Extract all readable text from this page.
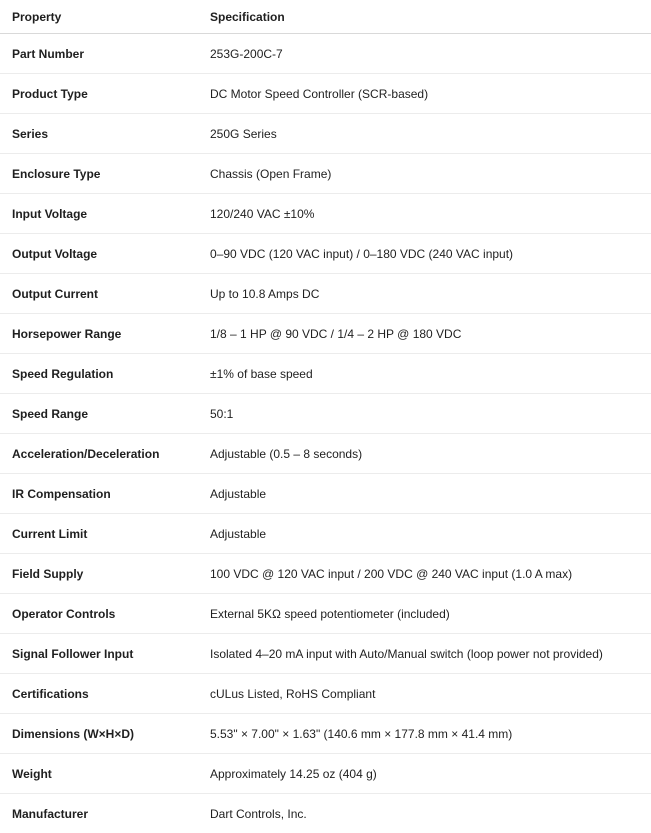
Property	Specification
Part Number	253G-200C-7
Product Type	DC Motor Speed Controller (SCR-based)
Series	250G Series
Enclosure Type	Chassis (Open Frame)
Input Voltage	120/240 VAC ±10%
Output Voltage	0–90 VDC (120 VAC input) / 0–180 VDC (240 VAC input)
Output Current	Up to 10.8 Amps DC
Horsepower Range	1/8 – 1 HP @ 90 VDC / 1/4 – 2 HP @ 180 VDC
Speed Regulation	±1% of base speed
Speed Range	50:1
Acceleration/Deceleration	Adjustable (0.5 – 8 seconds)
IR Compensation	Adjustable
Current Limit	Adjustable
Field Supply	100 VDC @ 120 VAC input / 200 VDC @ 240 VAC input (1.0 A max)
Operator Controls	External 5KΩ speed potentiometer (included)
Signal Follower Input	Isolated 4–20 mA input with Auto/Manual switch (loop power not provided)
Certifications	cULus Listed, RoHS Compliant
Dimensions (W×H×D)	5.53" × 7.00" × 1.63" (140.6 mm × 177.8 mm × 41.4 mm)
Weight	Approximately 14.25 oz (404 g)
Manufacturer	Dart Controls, Inc.
